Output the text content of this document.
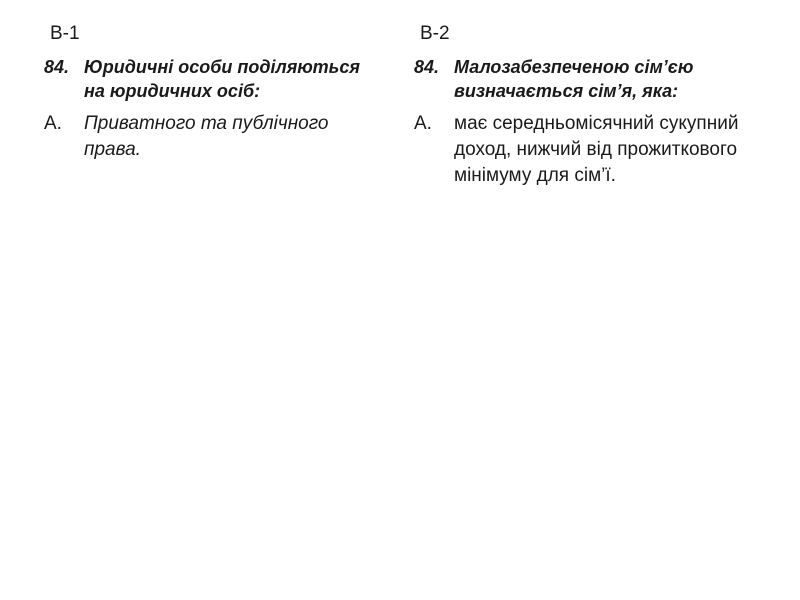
В-1
84. Юридичні особи поділяються на юридичних осіб:
А.	Приватного та публічного права.
В-2
84. Малозабезпеченою сім’єю визначається сім’я, яка:
А.	має середньомісячний сукупний доход, нижчий від прожиткового мінімуму для сім’ї.
